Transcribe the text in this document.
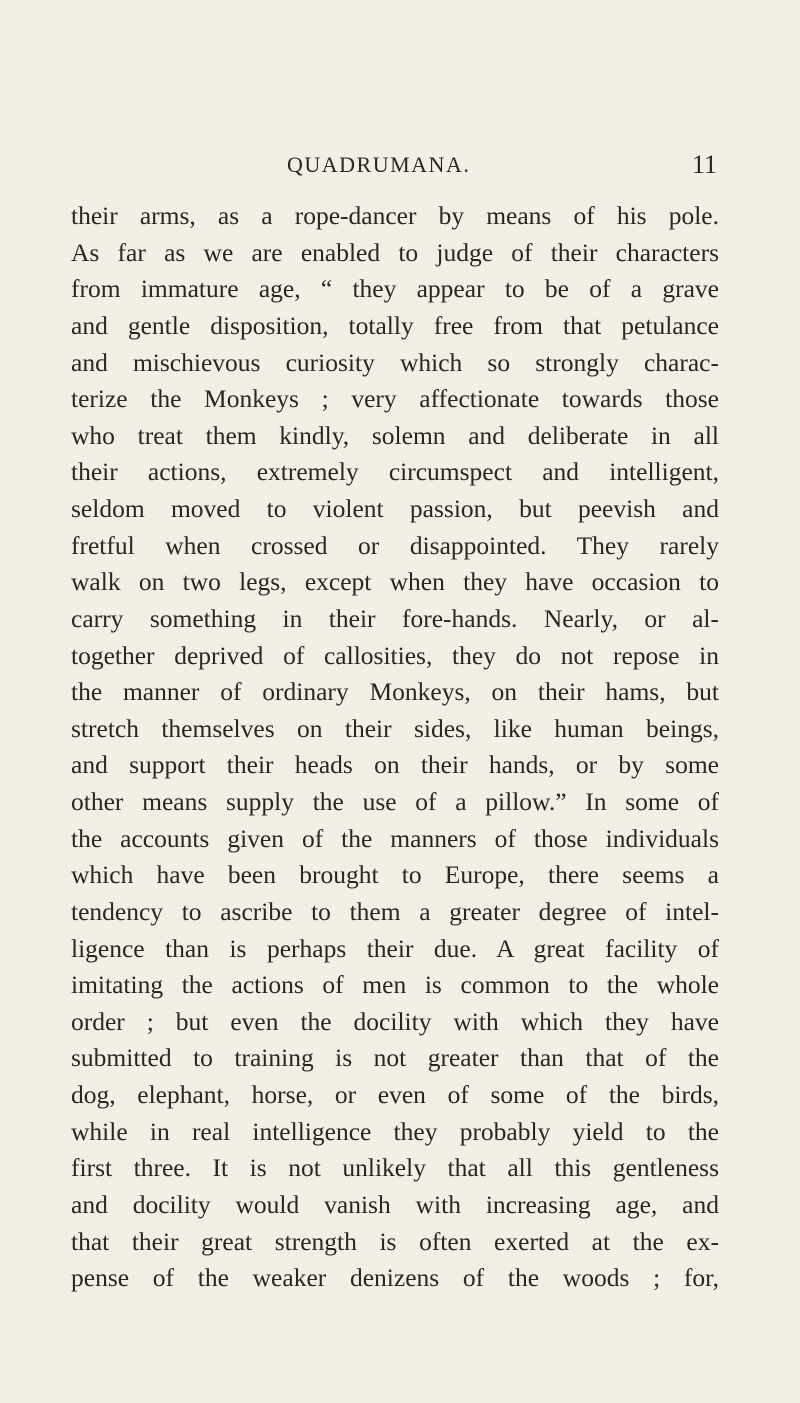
QUADRUMANA.	11
their arms, as a rope-dancer by means of his pole.
As far as we are enabled to judge of their characters
from immature age, “ they appear to be of a grave
and gentle disposition, totally free from that petulance
and mischievous curiosity which so strongly charac-
terize the Monkeys ; very affectionate towards those
who treat them kindly, solemn and deliberate in all
their actions, extremely circumspect and intelligent,
seldom moved to violent passion, but peevish and
fretful when crossed or disappointed. They rarely
walk on two legs, except when they have occasion to
carry something in their fore-hands. Nearly, or al-
together deprived of callosities, they do not repose in
the manner of ordinary Monkeys, on their hams, but
stretch themselves on their sides, like human beings,
and support their heads on their hands, or by some
other means supply the use of a pillow.” In some of
the accounts given of the manners of those individuals
which have been brought to Europe, there seems a
tendency to ascribe to them a greater degree of intel-
ligence than is perhaps their due. A great facility of
imitating the actions of men is common to the whole
order ; but even the docility with which they have
submitted to training is not greater than that of the
dog, elephant, horse, or even of some of the birds,
while in real intelligence they probably yield to the
first three. It is not unlikely that all this gentleness
and docility would vanish with increasing age, and
that their great strength is often exerted at the ex-
pense of the weaker denizens of the woods ; for,
